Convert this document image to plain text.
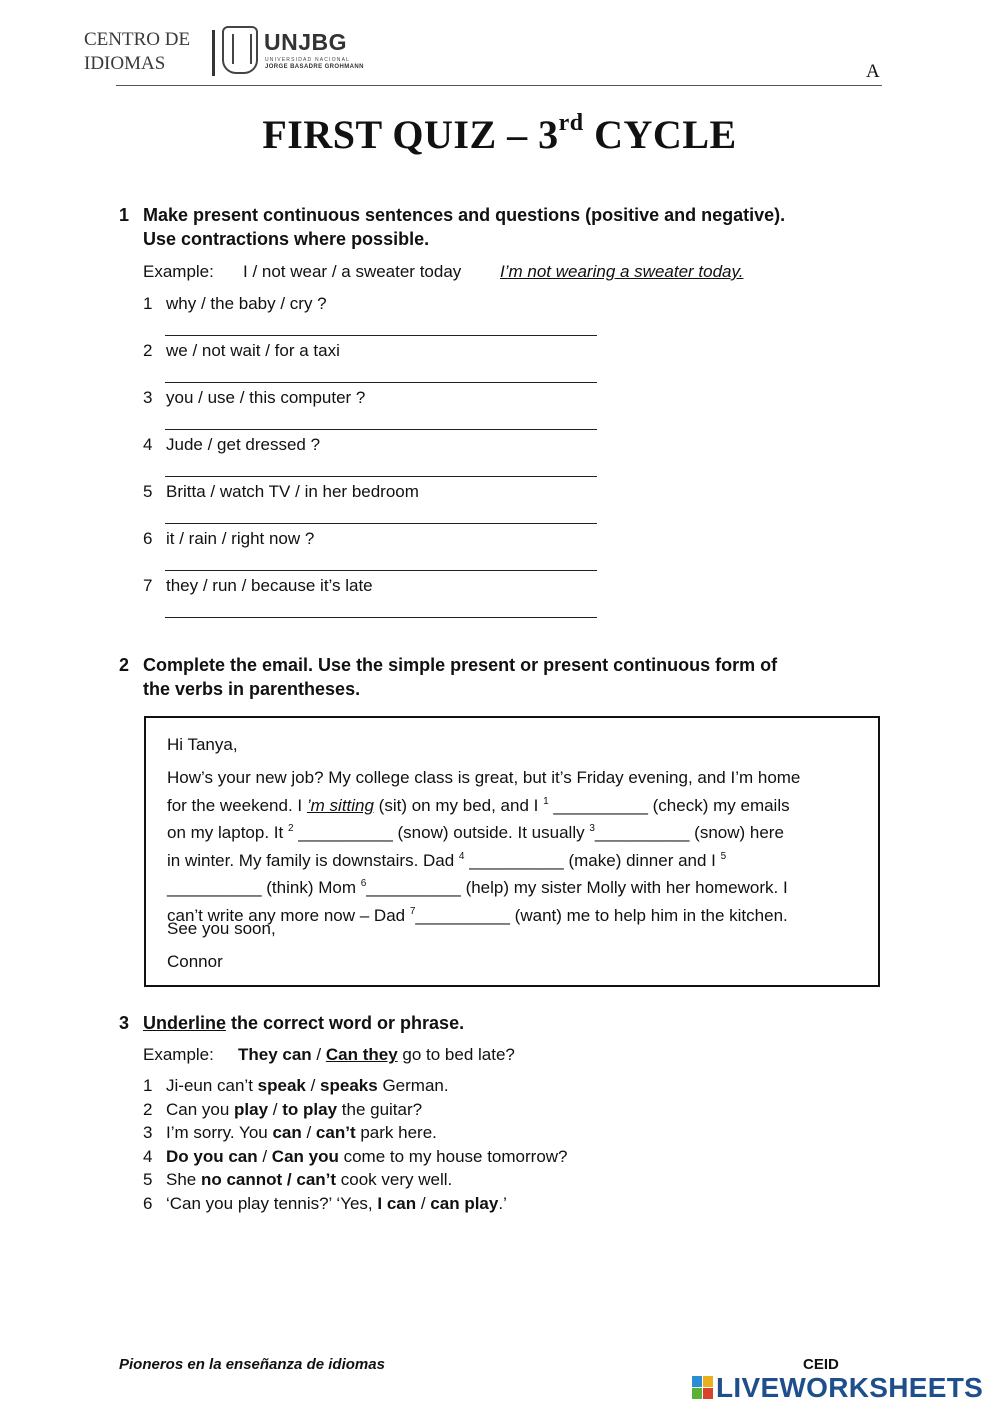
CENTRO DE
IDIOMAS
UNJBG
UNIVERSIDAD NACIONAL
JORGE BASADRE GROHMANN	A
FIRST QUIZ – 3rd CYCLE
1 Make present continuous sentences and questions (positive and negative).
Use contractions where possible.
Example: I / not wear / a sweater today I’m not wearing a sweater today.
1 why / the baby / cry ?
2 we / not wait / for a taxi
3 you / use / this computer ?
4 Jude / get dressed ?
5 Britta / watch TV / in her bedroom
6 it / rain / right now ?
7 they / run / because it’s late
2 Complete the email. Use the simple present or present continuous form of
the verbs in parentheses.
Hi Tanya,

How’s your new job? My college class is great, but it’s Friday evening, and I’m home

for the weekend. I ’m sitting (sit) on my bed, and I $^1$ __________ (check) my emails

on my laptop. It $^2$ __________ (snow) outside. It usually $^3$__________ (snow) here

in winter. My family is downstairs. Dad $^4$ __________ (make) dinner and I $^5$

__________ (think) Mom $^6$__________ (help) my sister Molly with her homework. I

can’t write any more now – Dad $^7$__________ (want) me to help him in the kitchen.

See you soon,
Connor
3 Underline the correct word or phrase.
Example: They can / Can they go to bed late?
1 Ji-eun can’t speak / speaks German.
2 Can you play / to play the guitar?
3 I’m sorry. You can / can’t park here.
4 Do you can / Can you come to my house tomorrow?
5 She no cannot / can’t cook very well.
6 ‘Can you play tennis?’ ‘Yes, I can / can play.’
Pioneros en la enseñanza de idiomas	CEID
LIVEWORKSHEETS
